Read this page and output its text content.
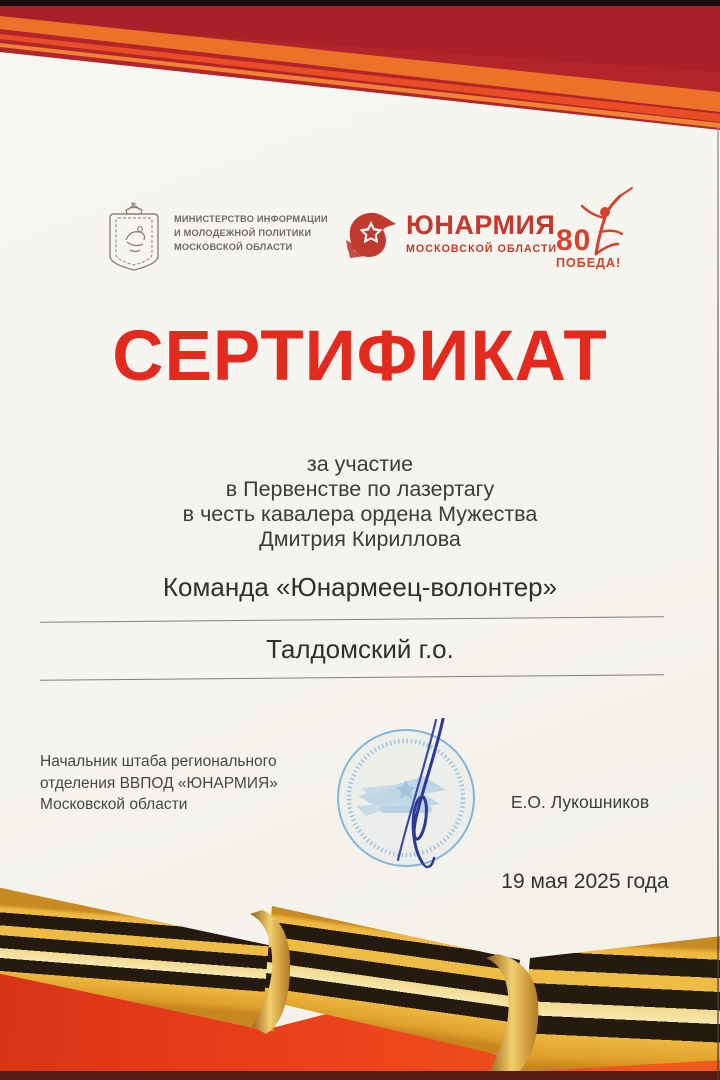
МИНИСТЕРСТВО ИНФОРМАЦИИ
И МОЛОДЕЖНОЙ ПОЛИТИКИ
МОСКОВСКОЙ ОБЛАСТИ
ЮНАРМИЯ
МОСКОВСКОЙ ОБЛАСТИ
80
ПОБЕДА!
СЕРТИФИКАТ
за участие
в Первенстве по лазертагу
в честь кавалера ордена Мужества
Дмитрия Кириллова
Команда «Юнармеец-волонтер»
Талдомский г.о.
Начальник штаба регионального
отделения ВВПОД «ЮНАРМИЯ»
Московской области	Е.О. Лукошников
19 мая 2025 года
